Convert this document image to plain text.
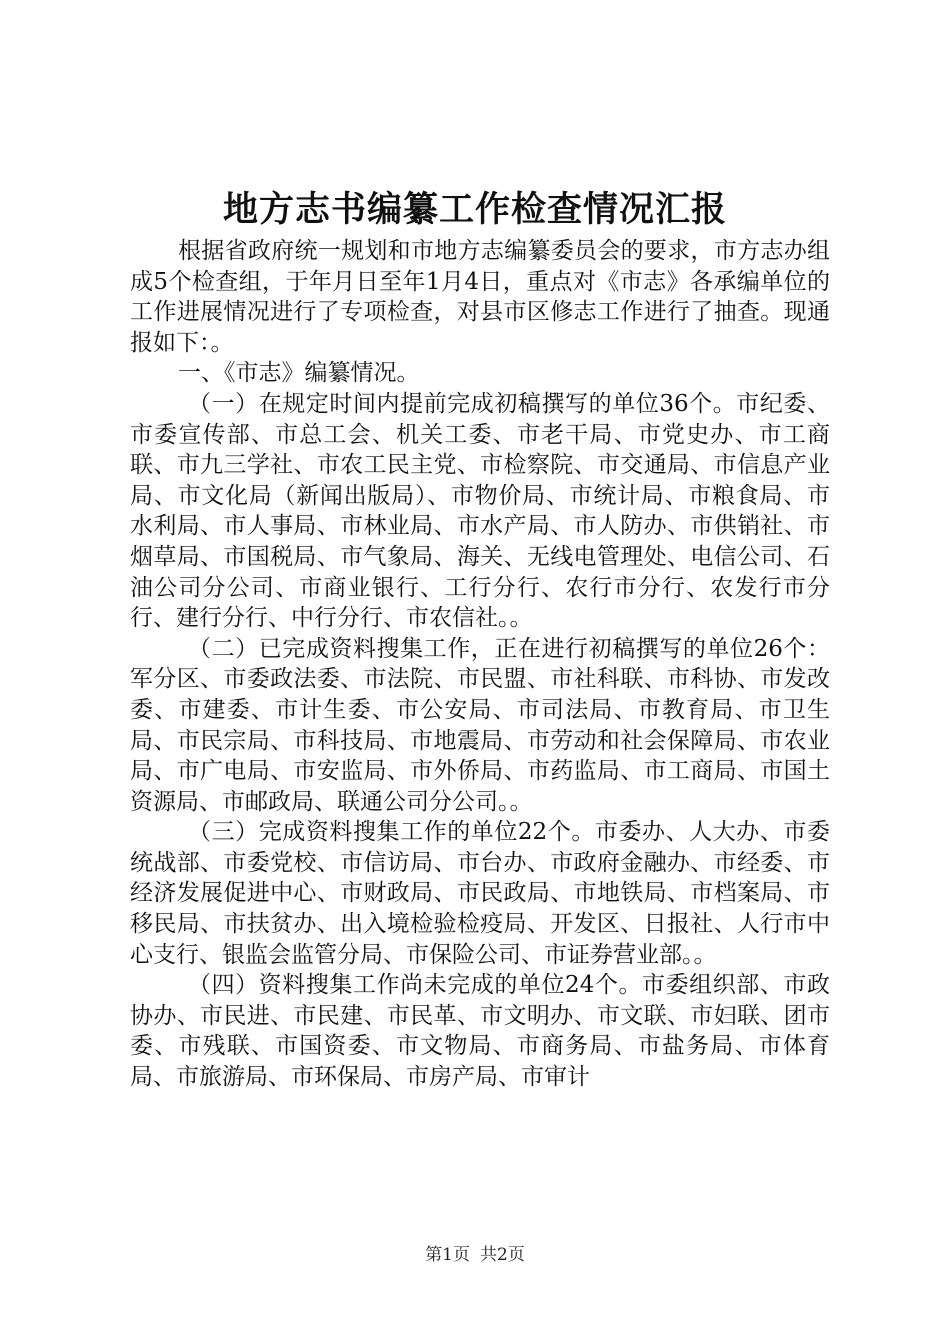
地方志书编纂工作检查情况汇报

根据省政府统一规划和市地方志编纂委员会的要求，市方志办组成5个检查组，于年月日至年1月4日，重点对《市志》各承编单位的工作进展情况进行了专项检查，对县市区修志工作进行了抽查。现通报如下：。

一、《市志》编纂情况。

（一）在规定时间内提前完成初稿撰写的单位36个。市纪委、市委宣传部、市总工会、机关工委、市老干局、市党史办、市工商联、市九三学社、市农工民主党、市检察院、市交通局、市信息产业局、市文化局（新闻出版局）、市物价局、市统计局、市粮食局、市水利局、市人事局、市林业局、市水产局、市人防办、市供销社、市烟草局、市国税局、市气象局、海关、无线电管理处、电信公司、石油公司分公司、市商业银行、工行分行、农行市分行、农发行市分行、建行分行、中行分行、市农信社。。

（二）已完成资料搜集工作，正在进行初稿撰写的单位26个：军分区、市委政法委、市法院、市民盟、市社科联、市科协、市发改委、市建委、市计生委、市公安局、市司法局、市教育局、市卫生局、市民宗局、市科技局、市地震局、市劳动和社会保障局、市农业局、市广电局、市安监局、市外侨局、市药监局、市工商局、市国土资源局、市邮政局、联通公司分公司。。

（三）完成资料搜集工作的单位22个。市委办、人大办、市委统战部、市委党校、市信访局、市台办、市政府金融办、市经委、市经济发展促进中心、市财政局、市民政局、市地铁局、市档案局、市移民局、市扶贫办、出入境检验检疫局、开发区、日报社、人行市中心支行、银监会监管分局、市保险公司、市证券营业部。。

（四）资料搜集工作尚未完成的单位24个。市委组织部、市政协办、市民进、市民建、市民革、市文明办、市文联、市妇联、团市委、市残联、市国资委、市文物局、市商务局、市盐务局、市体育局、市旅游局、市环保局、市房产局、市审计

第1页 共2页
